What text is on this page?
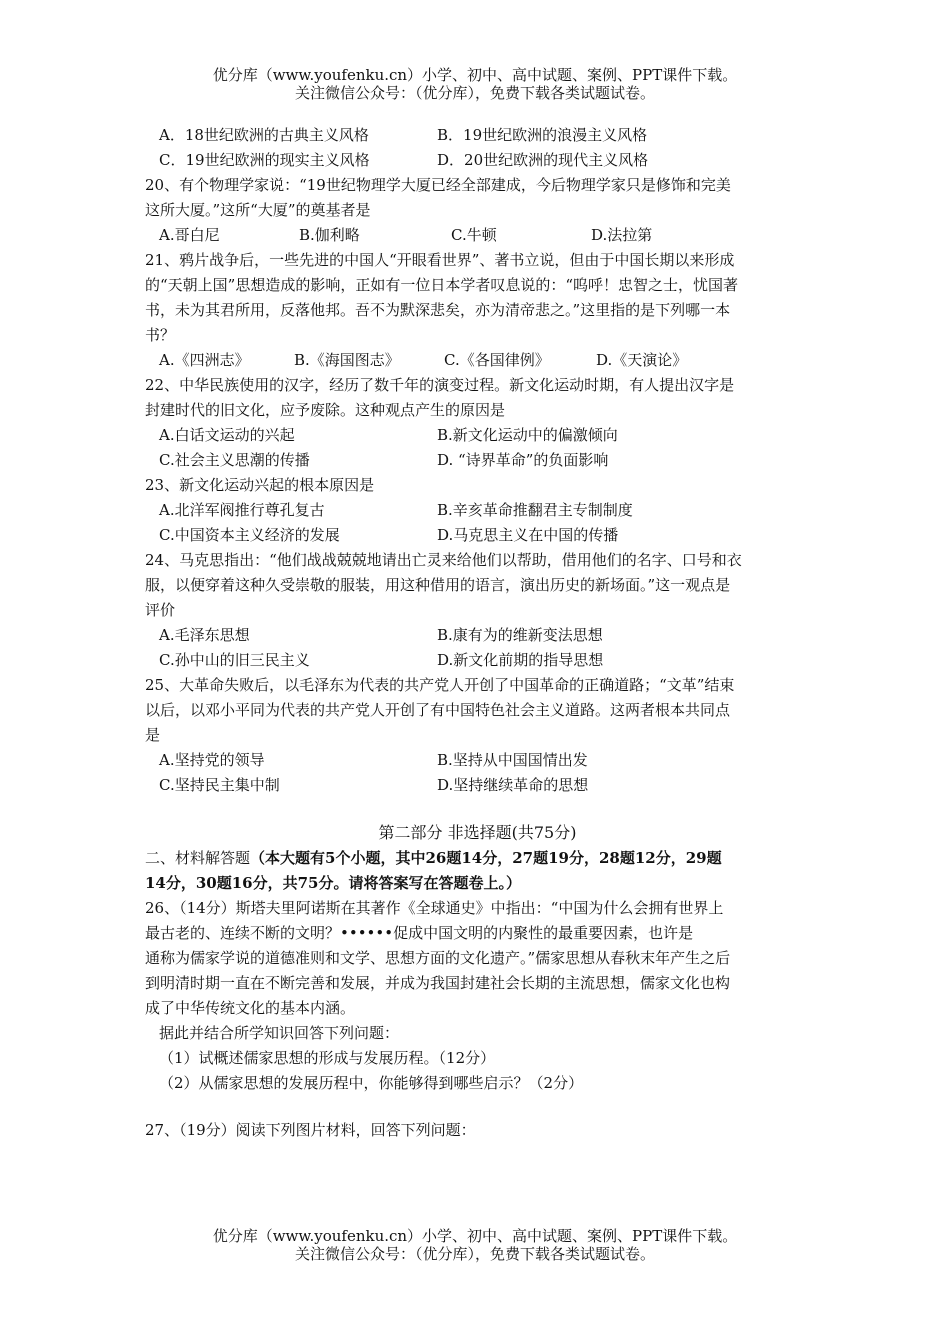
优分库（www.youfenku.cn）小学、初中、高中试题、案例、PPT课件下载。
关注微信公众号：（优分库），免费下载各类试题试卷。
A．18世纪欧洲的古典主义风格	B．19世纪欧洲的浪漫主义风格
C．19世纪欧洲的现实主义风格	D．20世纪欧洲的现代主义风格
20、有个物理学家说：“19世纪物理学大厦已经全部建成，今后物理学家只是修饰和完美
这所大厦。”这所“大厦”的奠基者是
A.哥白尼	B.伽利略	C.牛顿	D.法拉第
21、鸦片战争后，一些先进的中国人“开眼看世界”、著书立说，但由于中国长期以来形成
的“天朝上国”思想造成的影响，正如有一位日本学者叹息说的：“呜呼！忠智之士，忧国著
书，未为其君所用，反落他邦。吾不为默深悲矣，亦为清帝悲之。”这里指的是下列哪一本
书？
A.《四洲志》	B.《海国图志》	C.《各国律例》	D.《天演论》
22、中华民族使用的汉字，经历了数千年的演变过程。新文化运动时期，有人提出汉字是
封建时代的旧文化，应予废除。这种观点产生的原因是
A.白话文运动的兴起	B.新文化运动中的偏激倾向
C.社会主义思潮的传播	D. “诗界革命”的负面影响
23、新文化运动兴起的根本原因是
A.北洋军阀推行尊孔复古	B.辛亥革命推翻君主专制制度
C.中国资本主义经济的发展	D.马克思主义在中国的传播
24、马克思指出：“他们战战兢兢地请出亡灵来给他们以帮助，借用他们的名字、口号和衣
服，以便穿着这种久受崇敬的服装，用这种借用的语言，演出历史的新场面。”这一观点是
评价
A.毛泽东思想	B.康有为的维新变法思想
C.孙中山的旧三民主义	D.新文化前期的指导思想
25、大革命失败后，以毛泽东为代表的共产党人开创了中国革命的正确道路；“文革”结束
以后，以邓小平同为代表的共产党人开创了有中国特色社会主义道路。这两者根本共同点
是
A.坚持党的领导	B.坚持从中国国情出发
C.坚持民主集中制	D.坚持继续革命的思想
第二部分 非选择题(共75分)
二、材料解答题（本大题有5个小题，其中26题14分，27题19分，28题12分，29题
14分，30题16分，共75分。请将答案写在答题卷上。）
26、（14分）斯塔夫里阿诺斯在其著作《全球通史》中指出：“中国为什么会拥有世界上
最古老的、连续不断的文明？••••••促成中国文明的内聚性的最重要因素，也许是
通称为儒家学说的道德准则和文学、思想方面的文化遗产。”儒家思想从春秋末年产生之后
到明清时期一直在不断完善和发展，并成为我国封建社会长期的主流思想，儒家文化也构
成了中华传统文化的基本内涵。
据此并结合所学知识回答下列问题：
（1）试概述儒家思想的形成与发展历程。（12分）
（2）从儒家思想的发展历程中，你能够得到哪些启示？（2分）
27、（19分）阅读下列图片材料，回答下列问题：
优分库（www.youfenku.cn）小学、初中、高中试题、案例、PPT课件下载。
关注微信公众号：（优分库），免费下载各类试题试卷。
